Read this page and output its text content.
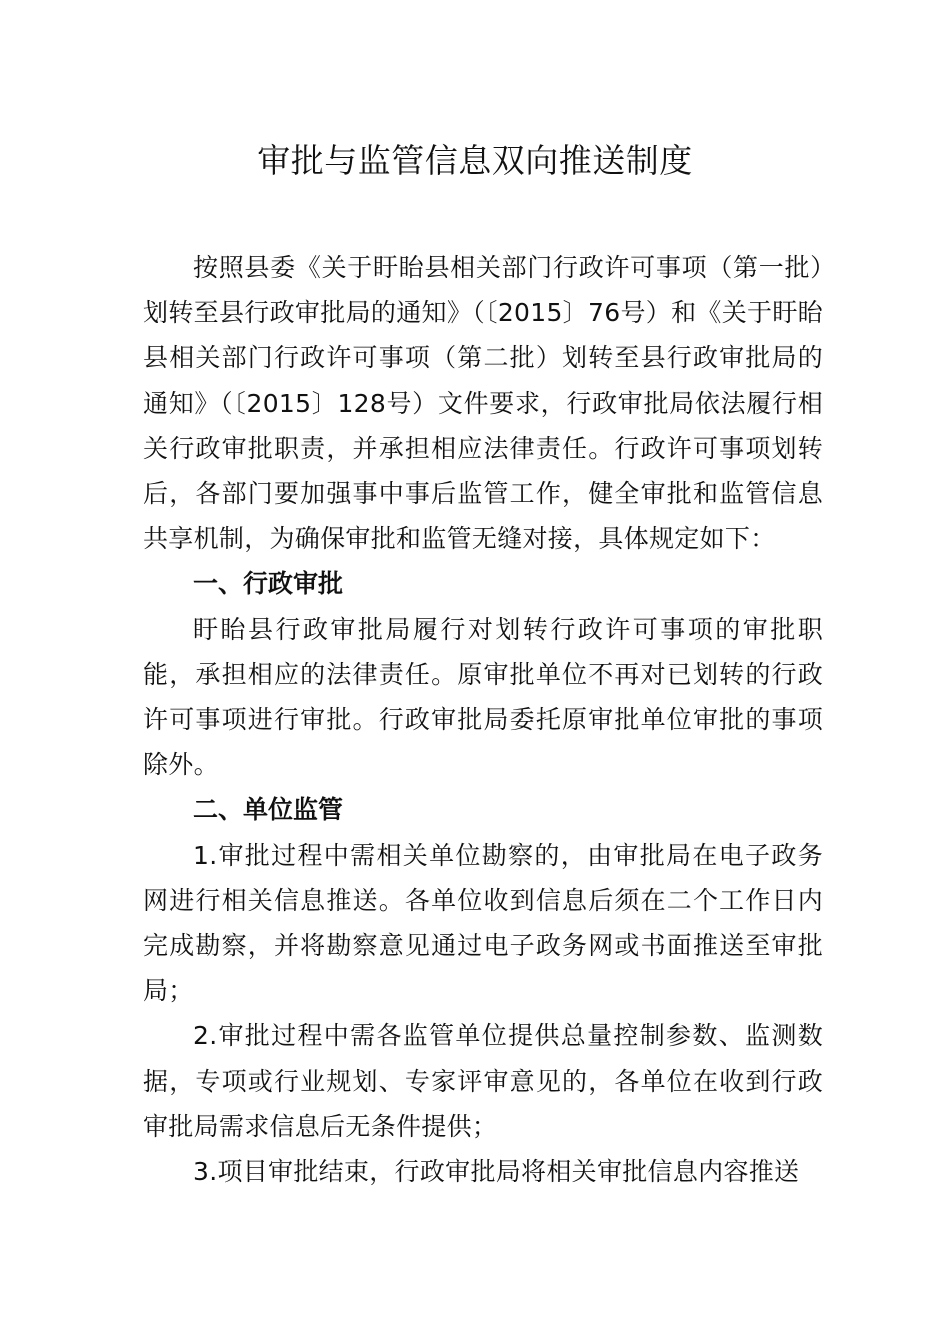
审批与监管信息双向推送制度

按照县委《关于盱眙县相关部门行政许可事项（第一批）划转至县行政审批局的通知》（〔2015〕76号）和《关于盱眙县相关部门行政许可事项（第二批）划转至县行政审批局的通知》（〔2015〕128号）文件要求，行政审批局依法履行相关行政审批职责，并承担相应法律责任。行政许可事项划转后，各部门要加强事中事后监管工作，健全审批和监管信息共享机制，为确保审批和监管无缝对接，具体规定如下：

一、行政审批

盱眙县行政审批局履行对划转行政许可事项的审批职能，承担相应的法律责任。原审批单位不再对已划转的行政许可事项进行审批。行政审批局委托原审批单位审批的事项除外。

二、单位监管

1.审批过程中需相关单位勘察的，由审批局在电子政务网进行相关信息推送。各单位收到信息后须在二个工作日内完成勘察，并将勘察意见通过电子政务网或书面推送至审批局；

2.审批过程中需各监管单位提供总量控制参数、监测数据，专项或行业规划、专家评审意见的，各单位在收到行政审批局需求信息后无条件提供；

3.项目审批结束，行政审批局将相关审批信息内容推送
